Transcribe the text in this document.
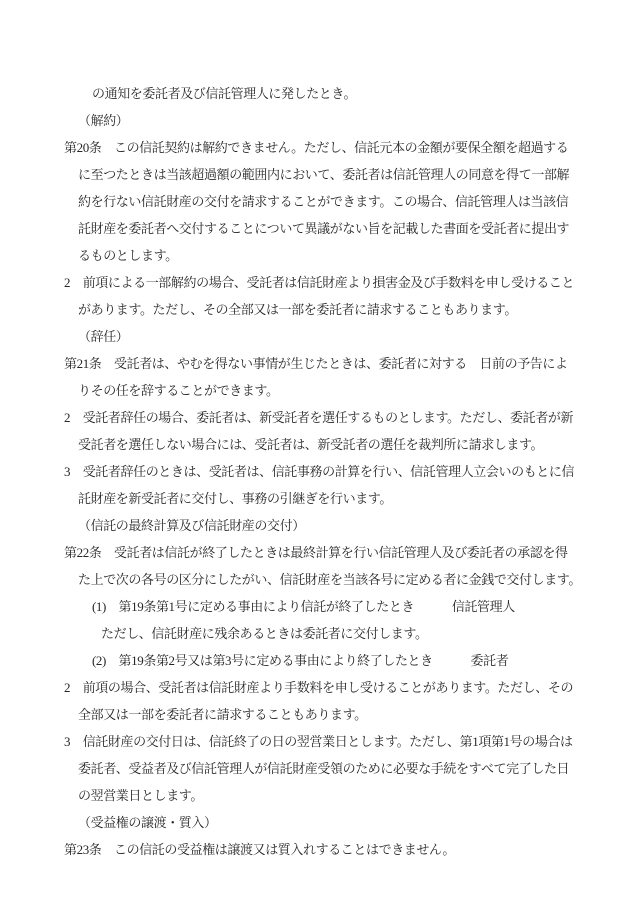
の通知を委託者及び信託管理人に発したとき。
（解約）
第20条　この信託契約は解約できません。ただし、信託元本の金額が要保全額を超過する
に至つたときは当該超過額の範囲内において、委託者は信託管理人の同意を得て一部解
約を行ない信託財産の交付を請求することができます。この場合、信託管理人は当該信
託財産を委託者へ交付することについて異議がない旨を記載した書面を受託者に提出す
るものとします。
2　前項による一部解約の場合、受託者は信託財産より損害金及び手数料を申し受けること
があります。ただし、その全部又は一部を委託者に請求することもあります。
（辞任）
第21条　受託者は、やむを得ない事情が生じたときは、委託者に対する　日前の予告によ
りその任を辞することができます。
2　受託者辞任の場合、委託者は、新受託者を選任するものとします。ただし、委託者が新
受託者を選任しない場合には、受託者は、新受託者の選任を裁判所に請求します。
3　受託者辞任のときは、受託者は、信託事務の計算を行い、信託管理人立会いのもとに信
託財産を新受託者に交付し、事務の引継ぎを行います。
（信託の最終計算及び信託財産の交付）
第22条　受託者は信託が終了したときは最終計算を行い信託管理人及び委託者の承認を得
た上で次の各号の区分にしたがい、信託財産を当該各号に定める者に金銭で交付します。
(1)　第19条第1号に定める事由により信託が終了したとき　　　信託管理人
ただし、信託財産に残余あるときは委託者に交付します。
(2)　第19条第2号又は第3号に定める事由により終了したとき　　　委託者
2　前項の場合、受託者は信託財産より手数料を申し受けることがあります。ただし、その
全部又は一部を委託者に請求することもあります。
3　信託財産の交付日は、信託終了の日の翌営業日とします。ただし、第1項第1号の場合は
委託者、受益者及び信託管理人が信託財産受領のために必要な手続をすべて完了した日
の翌営業日とします。
（受益権の譲渡・質入）
第23条　この信託の受益権は譲渡又は質入れすることはできません。
